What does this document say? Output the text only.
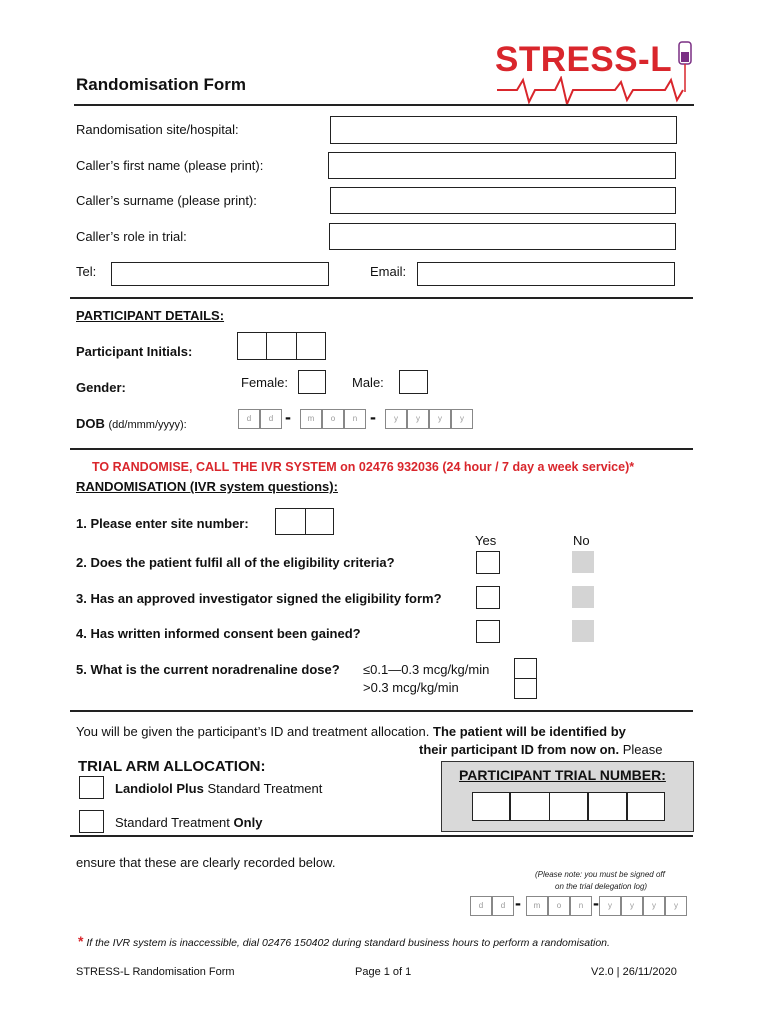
STRESS-L
Randomisation Form
Randomisation site/hospital:
Caller’s first name (please print):
Caller’s surname (please print):
Caller’s role in trial:
Tel:	Email:
PARTICIPANT DETAILS:
Participant Initials:
Gender:	Female:	Male:
DOB (dd/mmm/yyyy):
d	d -	m	o	n -	y	y	y	y
TO RANDOMISE, CALL THE IVR SYSTEM on 02476 932036 (24 hour / 7 day a week service)*
RANDOMISATION (IVR system questions):
1. Please enter site number:
Yes	No
2. Does the patient fulfil all of the eligibility criteria?
3. Has an approved investigator signed the eligibility form?
4. Has written informed consent been gained?
5. What is the current noradrenaline dose? ≤0.1—0.3 mcg/kg/min
>0.3 mcg/kg/min
You will be given the participant’s ID and treatment allocation. The patient will be identified by
their participant ID from now on. Please
TRIAL ARM ALLOCATION:
Landiolol Plus Standard Treatment
Standard Treatment Only
PARTICIPANT TRIAL NUMBER:
ensure that these are clearly recorded below.
(Please note: you must be signed off
on the trial delegation log)
d	d -	m	o	n -	y	y	y	y
* If the IVR system is inaccessible, dial 02476 150402 during standard business hours to perform a randomisation.
STRESS-L Randomisation Form	Page 1 of 1	V2.0 | 26/11/2020
